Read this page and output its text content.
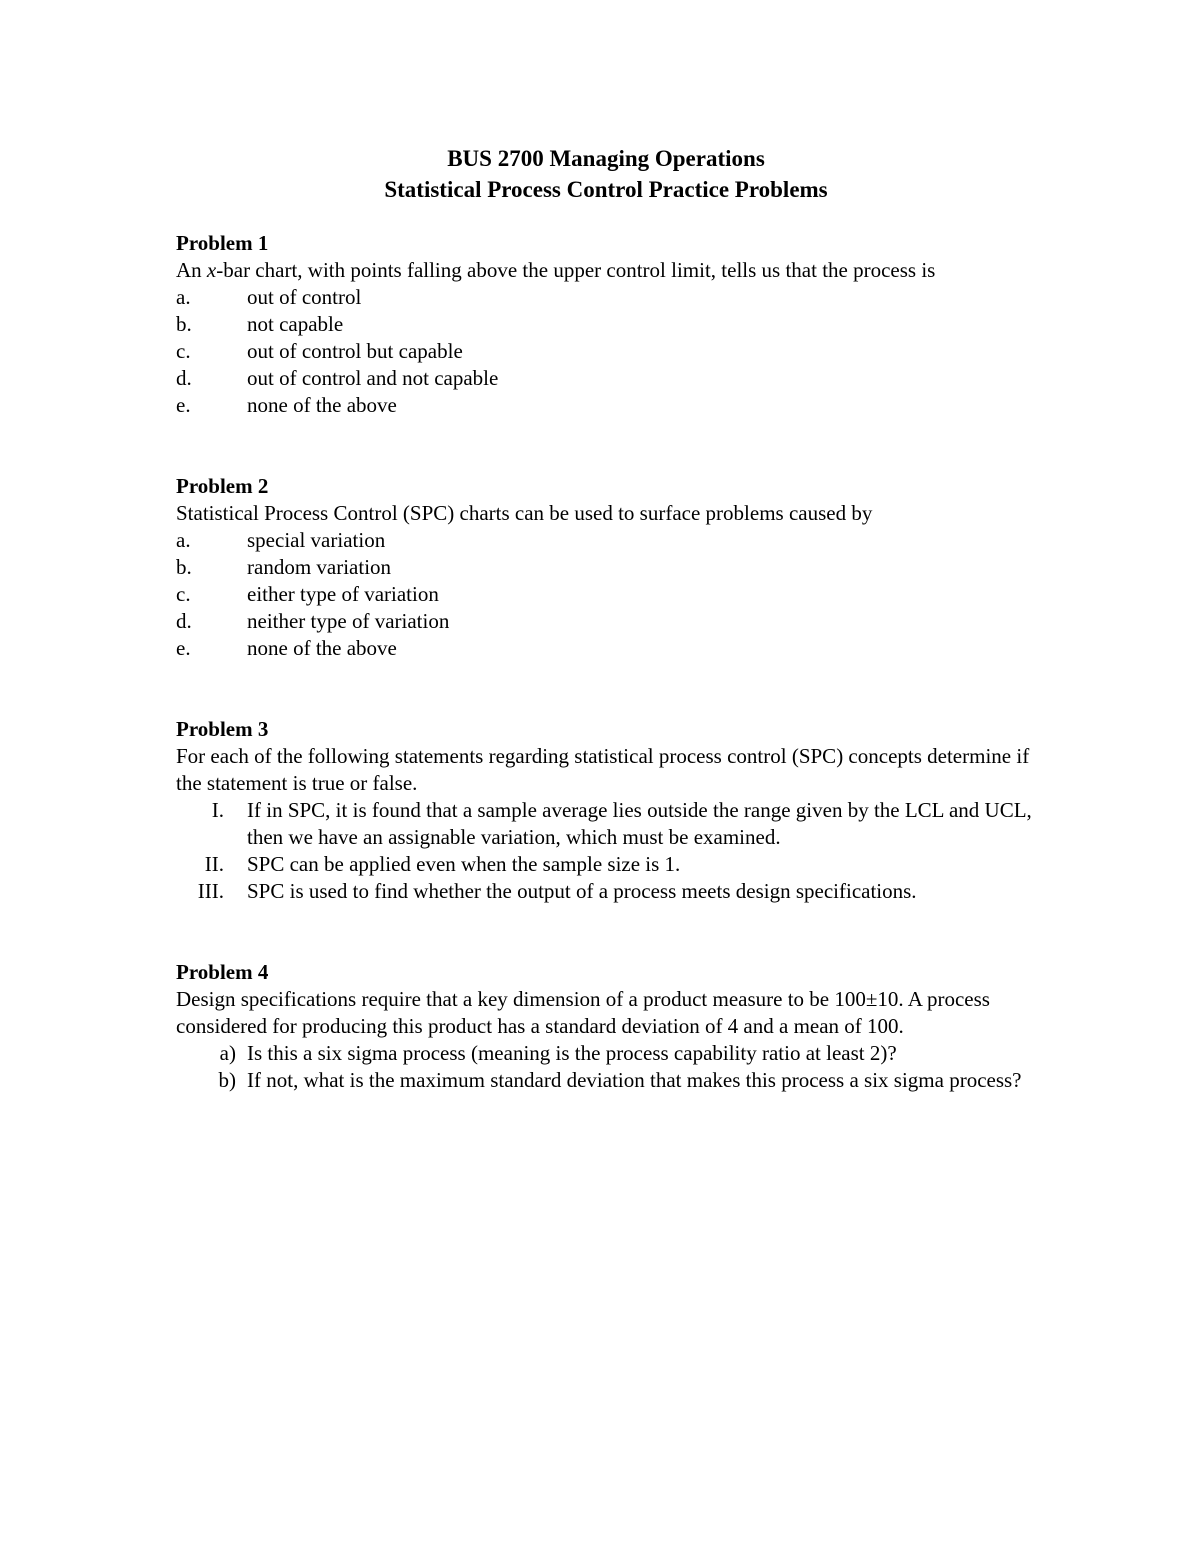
BUS 2700 Managing Operations

Statistical Process Control Practice Problems

Problem 1

An x-bar chart, with points falling above the upper control limit, tells us that the process is

a.	out of control
b.	not capable
c.	out of control but capable
d.	out of control and not capable
e.	none of the above

Problem 2

Statistical Process Control (SPC) charts can be used to surface problems caused by

a.	special variation
b.	random variation
c.	either type of variation
d.	neither type of variation
e.	none of the above

Problem 3

For each of the following statements regarding statistical process control (SPC) concepts determine if the statement is true or false.

I.	If in SPC, it is found that a sample average lies outside the range given by the LCL and UCL, then we have an assignable variation, which must be examined.
II.	SPC can be applied even when the sample size is 1.
III.	SPC is used to find whether the output of a process meets design specifications.

Problem 4

Design specifications require that a key dimension of a product measure to be 100±10. A process considered for producing this product has a standard deviation of 4 and a mean of 100.

a) Is this a six sigma process (meaning is the process capability ratio at least 2)?
b) If not, what is the maximum standard deviation that makes this process a six sigma process?
